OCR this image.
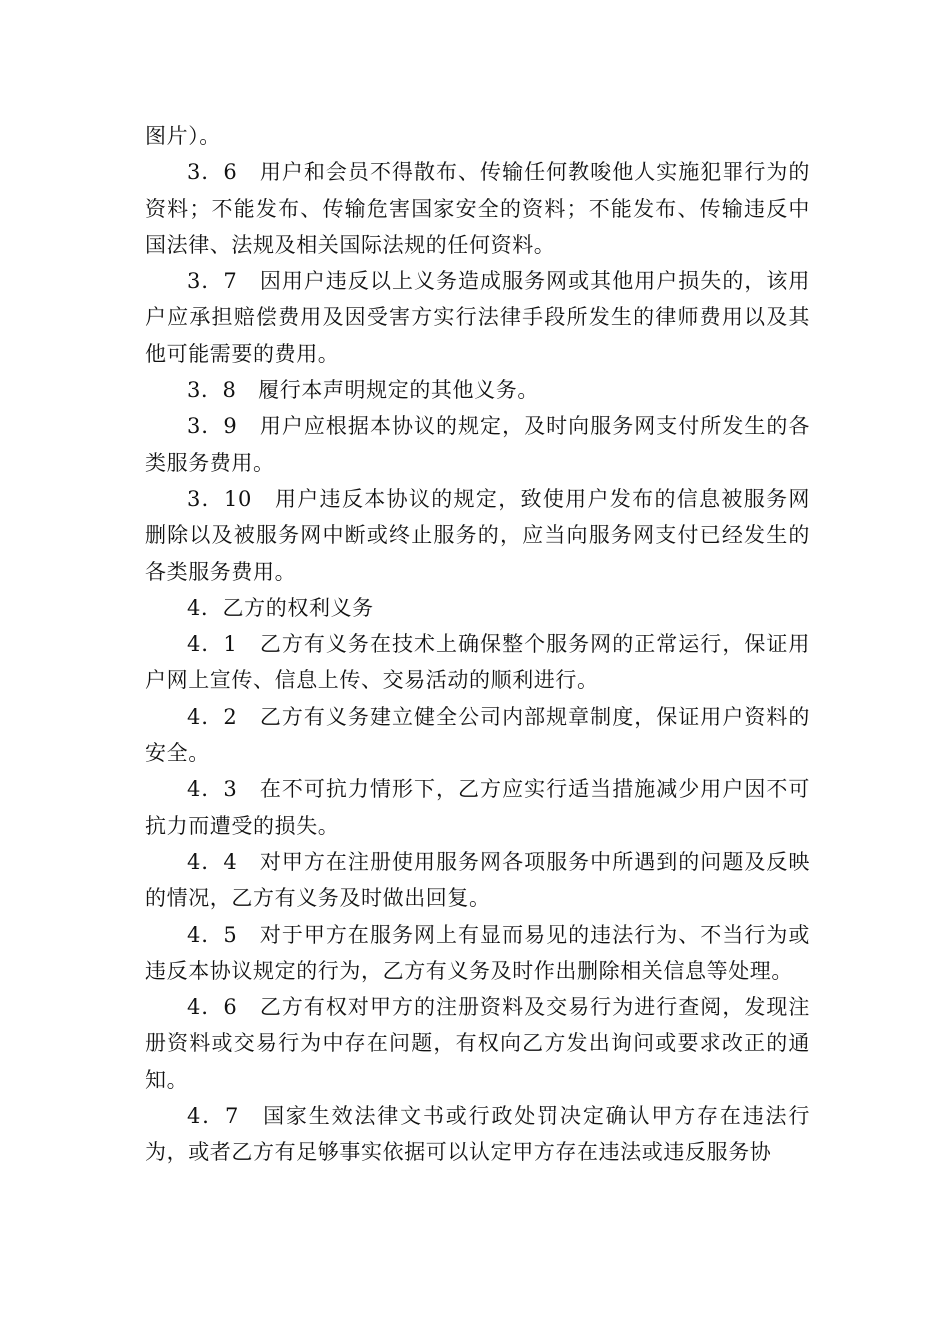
图片）。

3．6　用户和会员不得散布、传输任何教唆他人实施犯罪行为的资料；不能发布、传输危害国家安全的资料；不能发布、传输违反中国法律、法规及相关国际法规的任何资料。

3．7　因用户违反以上义务造成服务网或其他用户损失的，该用户应承担赔偿费用及因受害方实行法律手段所发生的律师费用以及其他可能需要的费用。

3．8　履行本声明规定的其他义务。

3．9　用户应根据本协议的规定，及时向服务网支付所发生的各类服务费用。

3．10　用户违反本协议的规定，致使用户发布的信息被服务网删除以及被服务网中断或终止服务的，应当向服务网支付已经发生的各类服务费用。

4．乙方的权利义务

4．1　乙方有义务在技术上确保整个服务网的正常运行，保证用户网上宣传、信息上传、交易活动的顺利进行。

4．2　乙方有义务建立健全公司内部规章制度，保证用户资料的安全。

4．3　在不可抗力情形下，乙方应实行适当措施减少用户因不可抗力而遭受的损失。

4．4　对甲方在注册使用服务网各项服务中所遇到的问题及反映的情况，乙方有义务及时做出回复。

4．5　对于甲方在服务网上有显而易见的违法行为、不当行为或违反本协议规定的行为，乙方有义务及时作出删除相关信息等处理。

4．6　乙方有权对甲方的注册资料及交易行为进行查阅，发现注册资料或交易行为中存在问题，有权向乙方发出询问或要求改正的通知。

4．7　国家生效法律文书或行政处罚决定确认甲方存在违法行为，或者乙方有足够事实依据可以认定甲方存在违法或违反服务协
